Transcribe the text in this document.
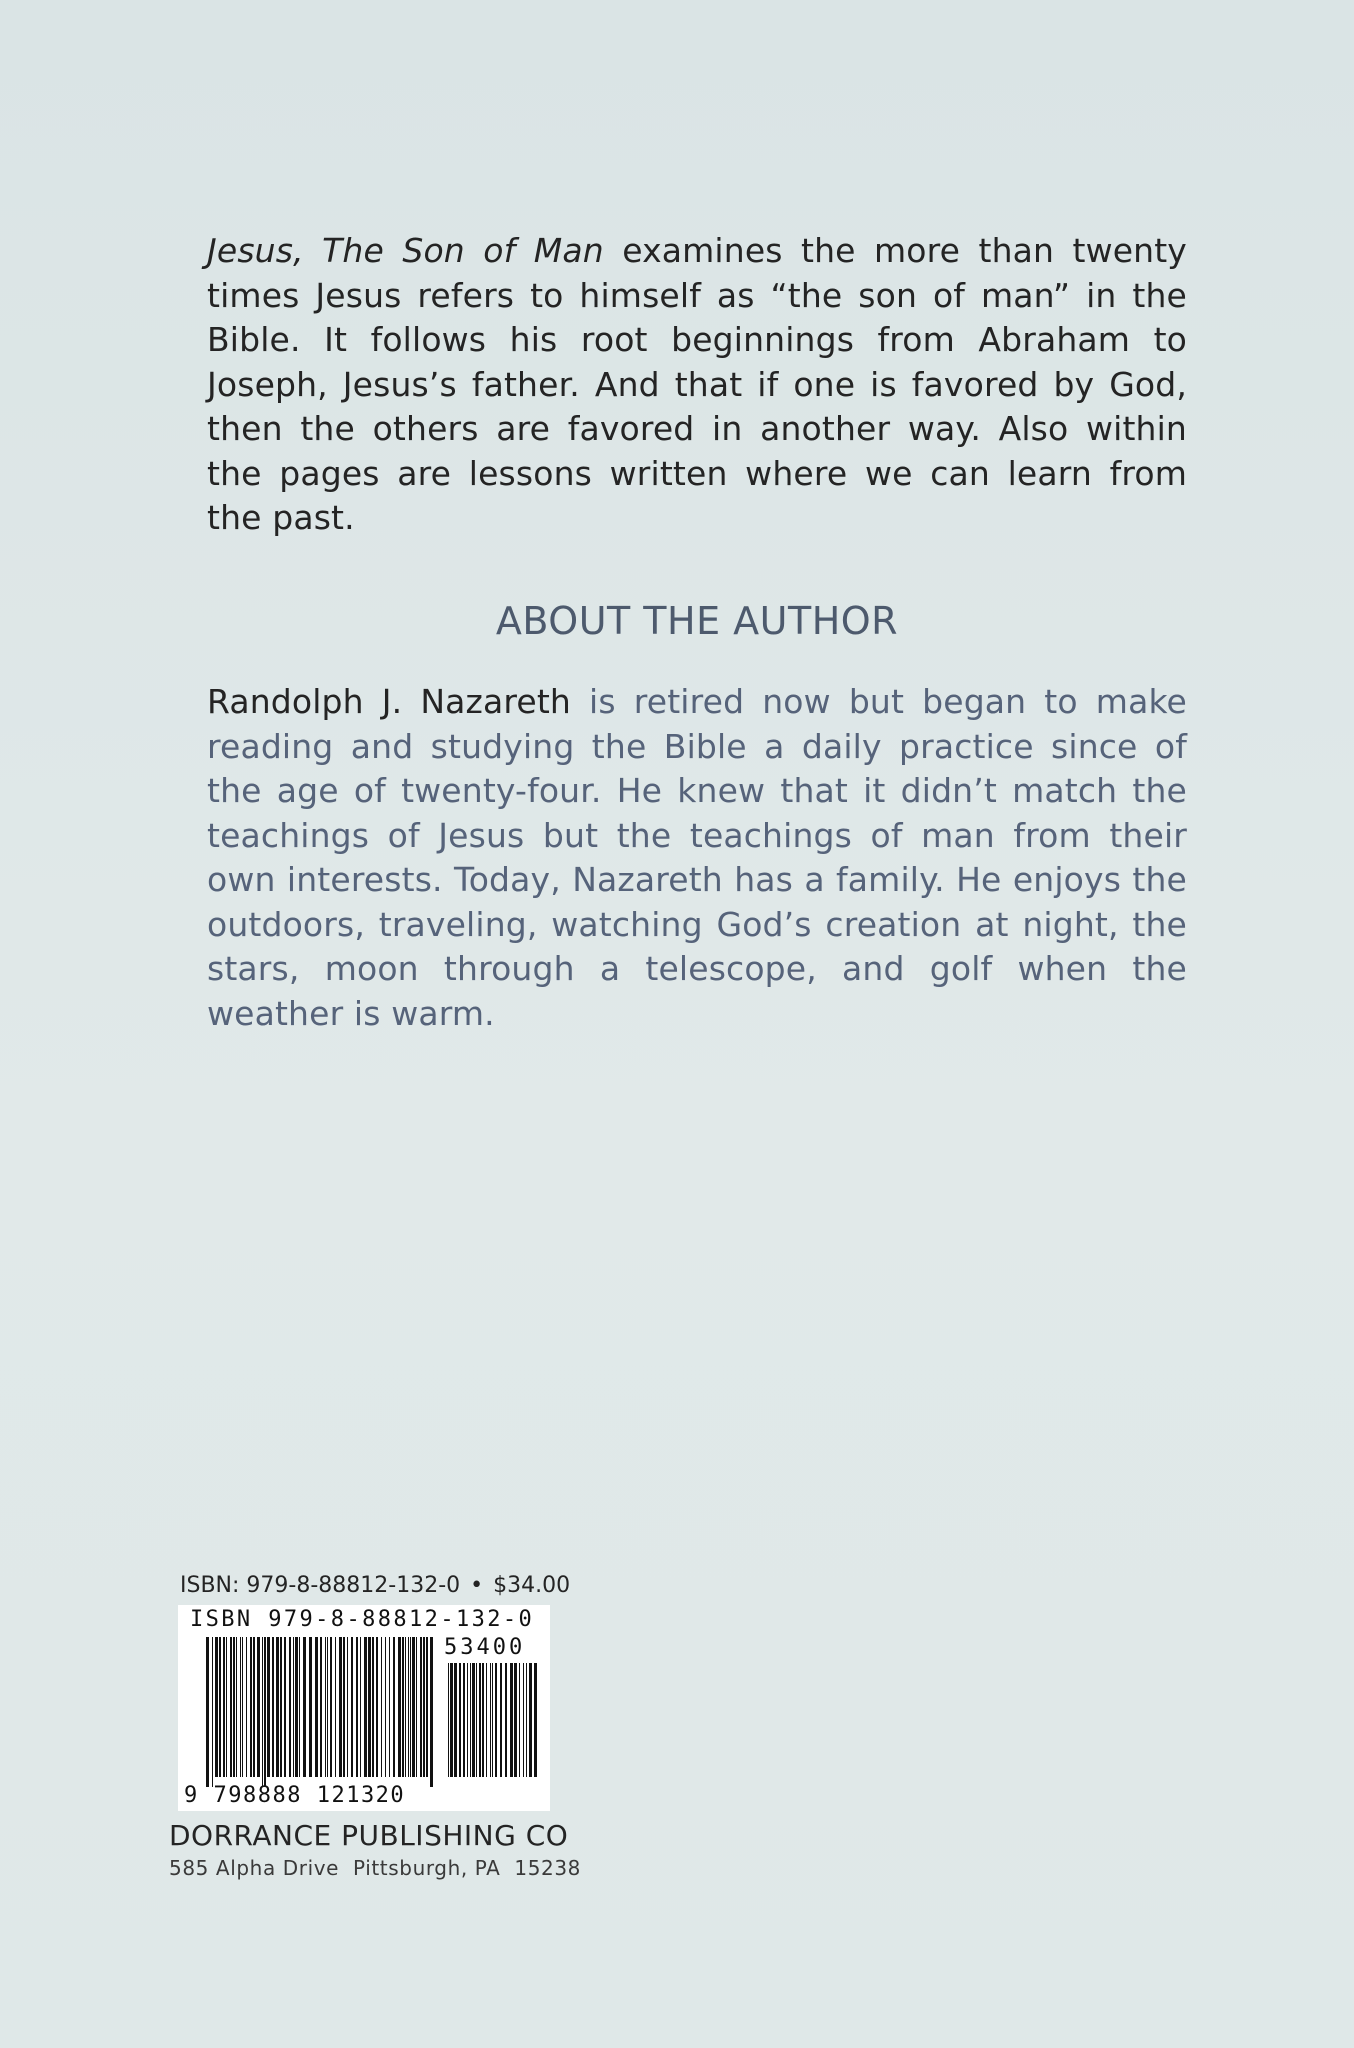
Jesus, The Son of Man examines the more than twenty times Jesus refers to himself as “the son of man” in the Bible. It follows his root beginnings from Abraham to Joseph, Jesus’s father. And that if one is favored by God, then the others are favored in another way. Also within the pages are lessons written where we can learn from the past.

ABOUT THE AUTHOR

Randolph J. Nazareth is retired now but began to make reading and studying the Bible a daily practice since of the age of twenty-four. He knew that it didn’t match the teachings of Jesus but the teachings of man from their own interests. Today, Nazareth has a family. He enjoys the outdoors, traveling, watching God’s creation at night, the stars, moon through a telescope, and golf when the weather is warm.

ISBN: 979-8-88812-132-0 • $34.00
ISBN 979-8-88812-132-0
53400
9 798888 121320
DORRANCE PUBLISHING CO
585 Alpha Drive  Pittsburgh, PA  15238
